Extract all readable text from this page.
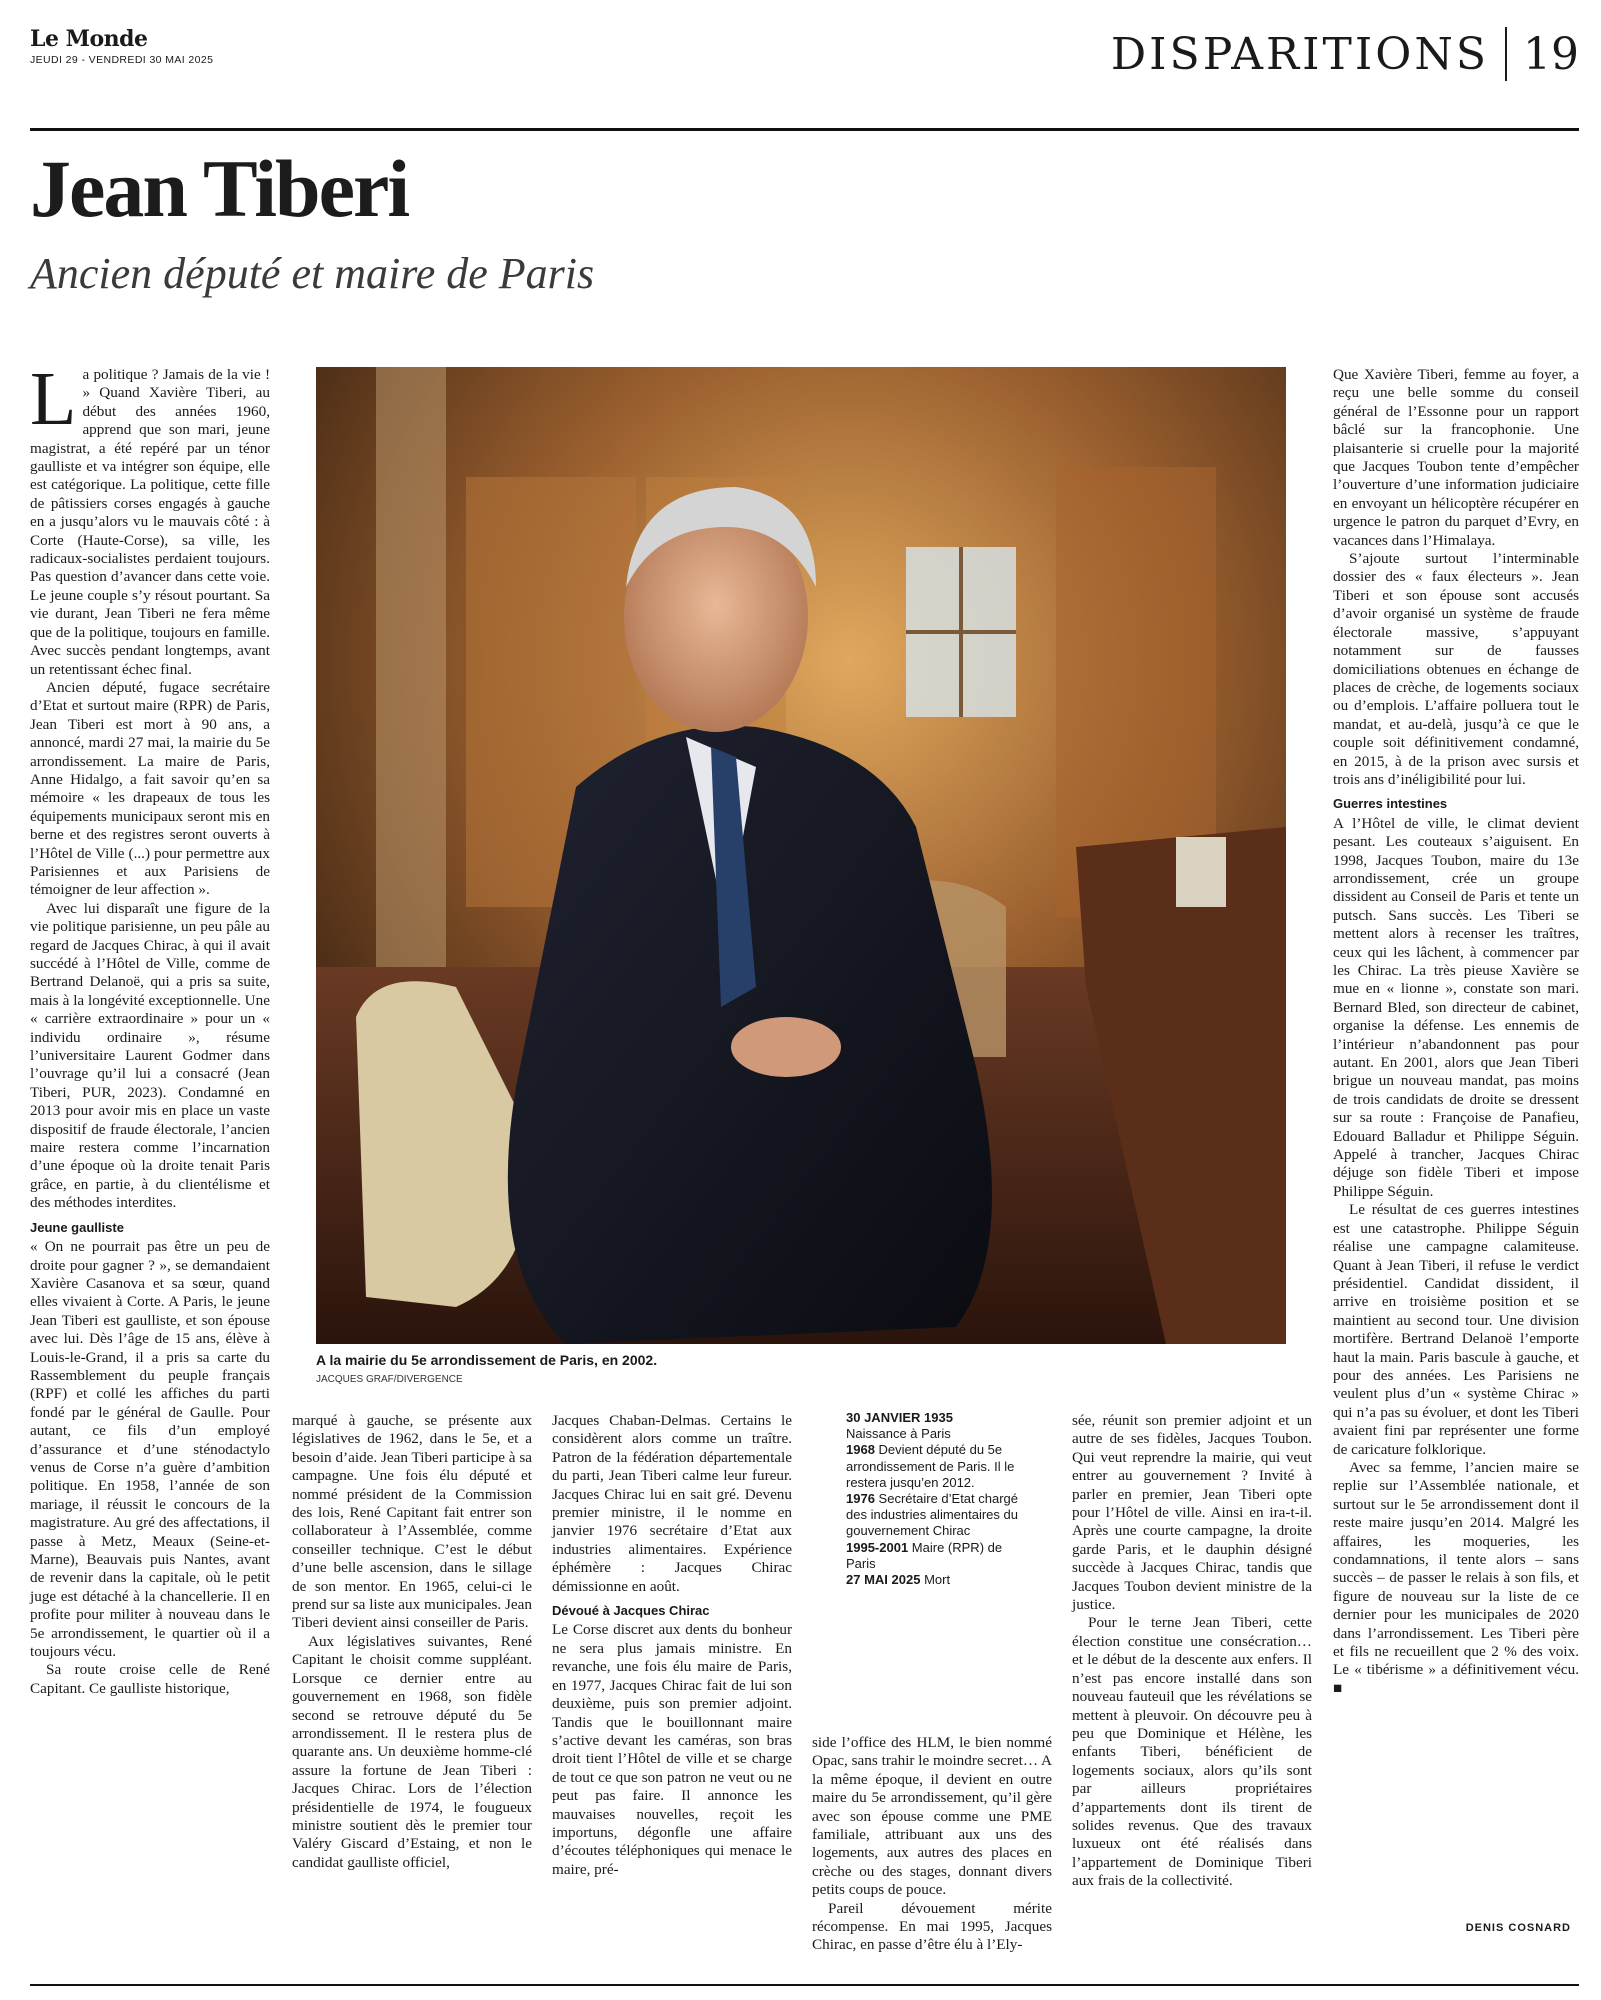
Le Monde
JEUDI 29 - VENDREDI 30 MAI 2025	DISPARITIONS 19
Jean Tiberi
Ancien député et maire de Paris
L a politique ? Jamais de la vie ! » Quand Xavière Tiberi, au début des années 1960, apprend que son mari, jeune magistrat, a été repéré par un ténor gaulliste et va intégrer son équipe, elle est catégorique. La politique, cette fille de pâtissiers corses engagés à gauche en a jusqu’alors vu le mauvais côté : à Corte (Haute-Corse), sa ville, les radicaux-socialistes perdaient toujours. Pas question d’avancer dans cette voie. Le jeune couple s’y résout pourtant. Sa vie durant, Jean Tiberi ne fera même que de la politique, toujours en famille. Avec succès pendant longtemps, avant un retentissant échec final.

Ancien député, fugace secrétaire d’Etat et surtout maire (RPR) de Paris, Jean Tiberi est mort à 90 ans, a annoncé, mardi 27 mai, la mairie du 5e arrondissement. La maire de Paris, Anne Hidalgo, a fait savoir qu’en sa mémoire « les drapeaux de tous les équipements municipaux seront mis en berne et des registres seront ouverts à l’Hôtel de Ville (...) pour permettre aux Parisiennes et aux Parisiens de témoigner de leur affection ».

Avec lui disparaît une figure de la vie politique parisienne, un peu pâle au regard de Jacques Chirac, à qui il avait succédé à l’Hôtel de Ville, comme de Bertrand Delanoë, qui a pris sa suite, mais à la longévité exceptionnelle. Une « carrière extraordinaire » pour un « individu ordinaire », résume l’universitaire Laurent Godmer dans l’ouvrage qu’il lui a consacré (Jean Tiberi, PUR, 2023). Condamné en 2013 pour avoir mis en place un vaste dispositif de fraude électorale, l’ancien maire restera comme l’incarnation d’une époque où la droite tenait Paris grâce, en partie, à du clientélisme et des méthodes interdites.

Jeune gaulliste

« On ne pourrait pas être un peu de droite pour gagner ? », se demandaient Xavière Casanova et sa sœur, quand elles vivaient à Corte. A Paris, le jeune Jean Tiberi est gaulliste, et son épouse avec lui. Dès l’âge de 15 ans, élève à Louis-le-Grand, il a pris sa carte du Rassemblement du peuple français (RPF) et collé les affiches du parti fondé par le général de Gaulle. Pour autant, ce fils d’un employé d’assurance et d’une sténodactylo venus de Corse n’a guère d’ambition politique. En 1958, l’année de son mariage, il réussit le concours de la magistrature. Au gré des affectations, il passe à Metz, Meaux (Seine-et-Marne), Beauvais puis Nantes, avant de revenir dans la capitale, où le petit juge est détaché à la chancellerie. Il en profite pour militer à nouveau dans le 5e arrondissement, le quartier où il a toujours vécu.

Sa route croise celle de René Capitant. Ce gaulliste historique,

A la mairie du 5e arrondissement de Paris, en 2002.
JACQUES GRAF/DIVERGENCE

marqué à gauche, se présente aux législatives de 1962, dans le 5e, et a besoin d’aide. Jean Tiberi participe à sa campagne. Une fois élu député et nommé président de la Commission des lois, René Capitant fait entrer son collaborateur à l’Assemblée, comme conseiller technique. C’est le début d’une belle ascension, dans le sillage de son mentor. En 1965, celui-ci le prend sur sa liste aux municipales. Jean Tiberi devient ainsi conseiller de Paris.

Aux législatives suivantes, René Capitant le choisit comme suppléant. Lorsque ce dernier entre au gouvernement en 1968, son fidèle second se retrouve député du 5e arrondissement. Il le restera plus de quarante ans. Un deuxième homme-clé assure la fortune de Jean Tiberi : Jacques Chirac. Lors de l’élection présidentielle de 1974, le fougueux ministre soutient dès le premier tour Valéry Giscard d’Estaing, et non le candidat gaulliste officiel,

Jacques Chaban-Delmas. Certains le considèrent alors comme un traître. Patron de la fédération départementale du parti, Jean Tiberi calme leur fureur. Jacques Chirac lui en sait gré. Devenu premier ministre, il le nomme en janvier 1976 secrétaire d’Etat aux industries alimentaires. Expérience éphémère : Jacques Chirac démissionne en août.

Dévoué à Jacques Chirac

Le Corse discret aux dents du bonheur ne sera plus jamais ministre. En revanche, une fois élu maire de Paris, en 1977, Jacques Chirac fait de lui son deuxième, puis son premier adjoint. Tandis que le bouillonnant maire s’active devant les caméras, son bras droit tient l’Hôtel de ville et se charge de tout ce que son patron ne veut ou ne peut pas faire. Il annonce les mauvaises nouvelles, reçoit les importuns, dégonfle une affaire d’écoutes téléphoniques qui menace le maire, pré-

30 JANVIER 1935
Naissance à Paris
1968 Devient député du 5e arrondissement de Paris. Il le restera jusqu’en 2012.
1976 Secrétaire d’Etat chargé des industries alimentaires du gouvernement Chirac
1995-2001 Maire (RPR) de Paris
27 MAI 2025 Mort

side l’office des HLM, le bien nommé Opac, sans trahir le moindre secret… A la même époque, il devient en outre maire du 5e arrondissement, qu’il gère avec son épouse comme une PME familiale, attribuant aux uns des logements, aux autres des places en crèche ou des stages, donnant divers petits coups de pouce.

Pareil dévouement mérite récompense. En mai 1995, Jacques Chirac, en passe d’être élu à l’Ely-

sée, réunit son premier adjoint et un autre de ses fidèles, Jacques Toubon. Qui veut reprendre la mairie, qui veut entrer au gouvernement ? Invité à parler en premier, Jean Tiberi opte pour l’Hôtel de ville. Ainsi en ira-t-il. Après une courte campagne, la droite garde Paris, et le dauphin désigné succède à Jacques Chirac, tandis que Jacques Toubon devient ministre de la justice.

Pour le terne Jean Tiberi, cette élection constitue une consécration… et le début de la descente aux enfers. Il n’est pas encore installé dans son nouveau fauteuil que les révélations se mettent à pleuvoir. On découvre peu à peu que Dominique et Hélène, les enfants Tiberi, bénéficient de logements sociaux, alors qu’ils sont par ailleurs propriétaires d’appartements dont ils tirent de solides revenus. Que des travaux luxueux ont été réalisés dans l’appartement de Dominique Tiberi aux frais de la collectivité.

Que Xavière Tiberi, femme au foyer, a reçu une belle somme du conseil général de l’Essonne pour un rapport bâclé sur la francophonie. Une plaisanterie si cruelle pour la majorité que Jacques Toubon tente d’empêcher l’ouverture d’une information judiciaire en envoyant un hélicoptère récupérer en urgence le patron du parquet d’Evry, en vacances dans l’Himalaya.

S’ajoute surtout l’interminable dossier des « faux électeurs ». Jean Tiberi et son épouse sont accusés d’avoir organisé un système de fraude électorale massive, s’appuyant notamment sur de fausses domiciliations obtenues en échange de places de crèche, de logements sociaux ou d’emplois. L’affaire polluera tout le mandat, et au-delà, jusqu’à ce que le couple soit définitivement condamné, en 2015, à de la prison avec sursis et trois ans d’inéligibilité pour lui.

Guerres intestines

A l’Hôtel de ville, le climat devient pesant. Les couteaux s’aiguisent. En 1998, Jacques Toubon, maire du 13e arrondissement, crée un groupe dissident au Conseil de Paris et tente un putsch. Sans succès. Les Tiberi se mettent alors à recenser les traîtres, ceux qui les lâchent, à commencer par les Chirac. La très pieuse Xavière se mue en « lionne », constate son mari. Bernard Bled, son directeur de cabinet, organise la défense. Les ennemis de l’intérieur n’abandonnent pas pour autant. En 2001, alors que Jean Tiberi brigue un nouveau mandat, pas moins de trois candidats de droite se dressent sur sa route : Françoise de Panafieu, Edouard Balladur et Philippe Séguin. Appelé à trancher, Jacques Chirac déjuge son fidèle Tiberi et impose Philippe Séguin.

Le résultat de ces guerres intestines est une catastrophe. Philippe Séguin réalise une campagne calamiteuse. Quant à Jean Tiberi, il refuse le verdict présidentiel. Candidat dissident, il arrive en troisième position et se maintient au second tour. Une division mortifère. Bertrand Delanoë l’emporte haut la main. Paris bascule à gauche, et pour des années. Les Parisiens ne veulent plus d’un « système Chirac » qui n’a pas su évoluer, et dont les Tiberi avaient fini par représenter une forme de caricature folklorique.

Avec sa femme, l’ancien maire se replie sur l’Assemblée nationale, et surtout sur le 5e arrondissement dont il reste maire jusqu’en 2014. Malgré les affaires, les moqueries, les condamnations, il tente alors – sans succès – de passer le relais à son fils, et figure de nouveau sur la liste de ce dernier pour les municipales de 2020 dans l’arrondissement. Les Tiberi père et fils ne recueillent que 2 % des voix. Le « tibérisme » a définitivement vécu. ■

DENIS COSNARD
